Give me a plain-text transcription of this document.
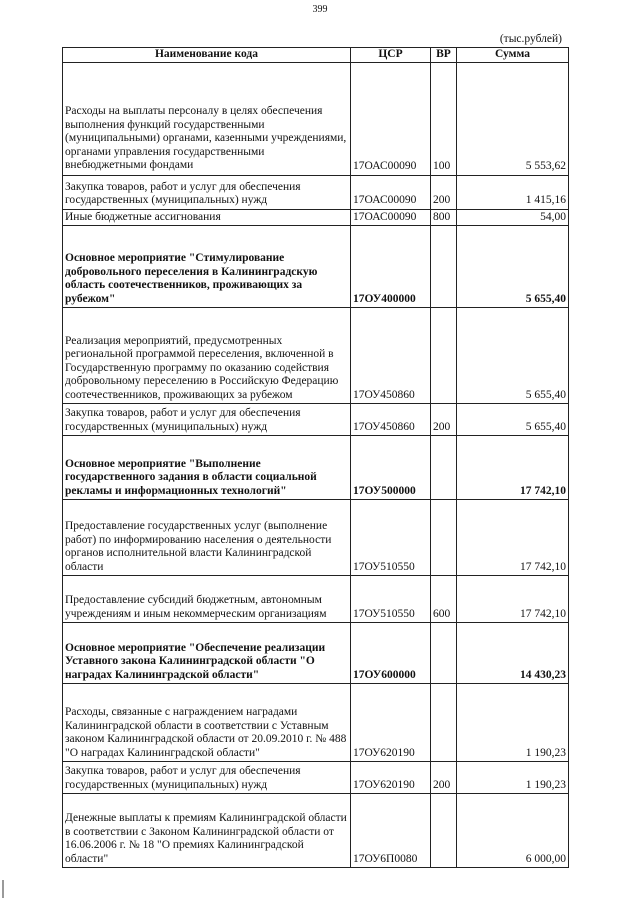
399
(тыс.рублей)
Наименование кода	ЦСР	ВР	Сумма
Расходы на выплаты персоналу в целях обеспечения выполнения функций государственными (муниципальными) органами, казенными учреждениями, органами управления государственными внебюджетными фондами	17ОАС00090	100	5 553,62
Закупка товаров, работ и услуг для обеспечения государственных (муниципальных) нужд	17ОАС00090	200	1 415,16
Иные бюджетные ассигнования	17ОАС00090	800	54,00
Основное мероприятие "Стимулирование добровольного переселения в Калининградскую область соотечественников, проживающих за рубежом"	17ОУ400000		5 655,40
Реализация мероприятий, предусмотренных региональной программой переселения, включенной в Государственную программу по оказанию содействия добровольному переселению в Российскую Федерацию соотечественников, проживающих за рубежом	17ОУ450860		5 655,40
Закупка товаров, работ и услуг для обеспечения государственных (муниципальных) нужд	17ОУ450860	200	5 655,40
Основное мероприятие "Выполнение государственного задания в области социальной рекламы и информационных технологий"	17ОУ500000		17 742,10
Предоставление государственных услуг (выполнение работ) по информированию населения о деятельности органов исполнительной власти Калининградской области	17ОУ510550		17 742,10
Предоставление субсидий бюджетным, автономным учреждениям и иным некоммерческим организациям	17ОУ510550	600	17 742,10
Основное мероприятие "Обеспечение реализации Уставного закона Калининградской области "О наградах Калининградской области"	17ОУ600000		14 430,23
Расходы, связанные с награждением наградами Калининградской области в соответствии с Уставным законом Калининградской области от 20.09.2010 г. № 488 "О наградах Калининградской области"	17ОУ620190		1 190,23
Закупка товаров, работ и услуг для обеспечения государственных (муниципальных) нужд	17ОУ620190	200	1 190,23
Денежные выплаты к премиям Калининградской области в соответствии с Законом Калининградской области от 16.06.2006 г. № 18 "О премиях Калининградской области"	17ОУ6П0080		6 000,00
